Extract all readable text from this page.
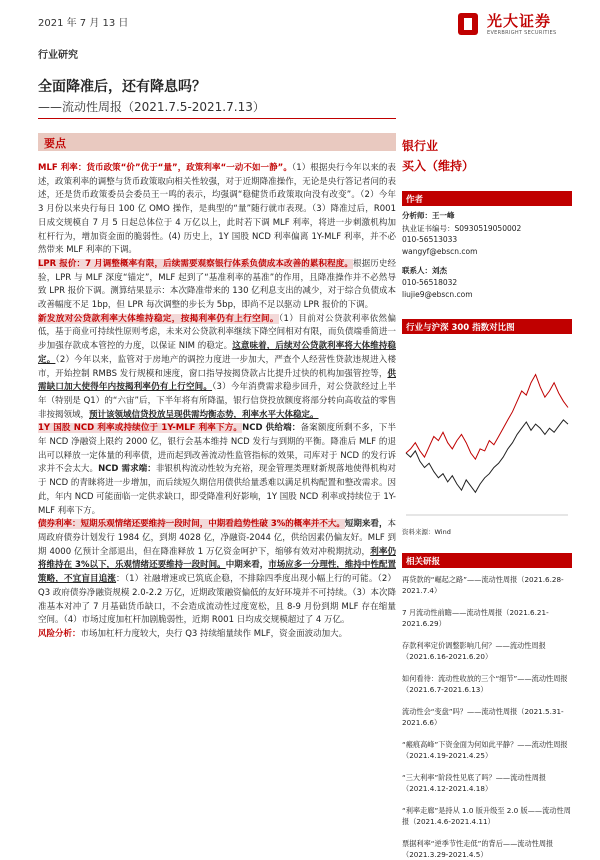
2021 年 7 月 13 日	光大证券
EVERBRIGHT SECURITIES
行业研究
全面降准后，还有降息吗？
——流动性周报（2021.7.5-2021.7.13）
要点

MLF 利率：货币政策“价”优于“量”，政策利率“一动不如一静”。（1）根据央行今年以来的表述，政策利率的调整与货币政策取向相关性较强，对于近期降准操作，无论是央行答记者问的表述，还是货币政策委员会委员王一鸣的表示，均强调“稳健货币政策取向没有改变”。（2）今年 3 月份以来央行每日 100 亿 OMO 操作，是典型的“量”随行就市表现。（3）降准过后，R001 日成交规模自 7 月 5 日起总体位于 4 万亿以上，此时若下调 MLF 利率，将进一步刺激机构加杠杆行为，增加资金面的脆弱性。(4) 历史上，1Y 国股 NCD 利率偏离 1Y-MLF 利率，并不必然带来 MLF 利率的下调。

LPR 报价：7 月调整概率有限，后续需要观察银行体系负债成本改善的累积程度。根据历史经验，LPR 与 MLF 深度“锚定”，MLF 起到了“基准利率的基准”的作用，且降准操作并不必然导致 LPR 报价下调。测算结果显示：本次降准带来的 130 亿利息支出的减少，对于综合负债成本改善幅度不足 1bp，但 LPR 每次调整的步长为 5bp，即尚不足以驱动 LPR 报价的下调。

新发放对公贷款利率大体维持稳定，按揭利率仍有上行空间。（1）目前对公贷款利率依然偏低，基于商业可持续性原则考虑，未来对公贷款利率继续下降空间相对有限，而负债端垂简进一步加强存款成本管控的力度，以保证 NIM 的稳定。这意味着，后续对公贷款利率将大体维持稳定。（2）今年以来，监管对于房地产的调控力度进一步加大，严查个人经营性贷款违规进入楼市，开始控制 RMBS 发行规模和速度，窗口指导按揭贷款占比提升过快的机构加强管控等，供需缺口加大使得年内按揭利率仍有上行空间。（3）今年消费需求稳步回升，对公贷款经过上半年（特别是 Q1）的“六宙”后，下半年将有所降温，银行信贷投放额度将部分转向高收益的零售非按揭领域，预计该领域信贷投放呈现供需均衡态势，利率水平大体稳定。

1Y 国股 NCD 利率或持续位于 1Y-MLF 利率下方。NCD 供给端：备案额度所剩不多，下半年 NCD 净融资上限约 2000 亿，银行会基本维持 NCD 发行与到期的平衡。降准后 MLF 的退出可以释放一定体量的利率债，进而起到改善流动性监管指标的效果，司库对于 NCD 的发行诉求并不会太大。NCD 需求端：非银机构流动性较为充裕，现金管理类理财新规落地使得机构对于 NCD 的青睐将进一步增加，而后续短久期信用债供给量悉难以满足机构配置和整改需求。因此，年内 NCD 可能面临一定供求缺口，即受降准利好影响，1Y 国股 NCD 利率或持续位于 1Y-MLF 利率下方。

债券利率：短期乐观情绪还要维持一段时间，中期看趋势性破 3%的概率并不大。短期来看，本周政府债券计划发行 1984 亿，到期 4028 亿，净融资-2044 亿，供给因素仍偏友好。MLF 到期 4000 亿预计全部退出，但在降准释放 1 万亿资金呵护下，缩够有效对冲税期扰动，利率仍将维持在 3%以下，乐观情绪还要维持一段时间。中期来看，市场应多一分理性，维持中性配置策略，不宜盲目追涨：（1）社融增速或已筑底企稳，不排除四季度出现小幅上行的可能。（2）Q3 政府债券净融资规模 2.0-2.2 万亿，近期政策融资偏低的友好环境并不可持续。（3）本次降准基本对冲了 7 月基础货币缺口，不会造成流动性过度宽松，且 8-9 月份到期 MLF 存在缩量空间。（4）市场过度加杠杆加剧脆弱性，近期 R001 日均成交规模超过了 4 万亿。

风险分析：市场加杠杆力度较大，央行 Q3 持续缩量续作 MLF，资金面波动加大。

银行业
买入（维持）
作者
分析师：王一峰
执业证书编号：S0930519050002
010-56513033
wangyf@ebscn.com
联系人：刘杰
010-56518032
liujie9@ebscn.com
行业与沪深 300 指数对比图
资料来源：Wind
相关研报
再贷款的“崛起之路”——流动性周报（2021.6.28-2021.7.4）
7 月流动性前瞻——流动性周报（2021.6.21-2021.6.29）
存款利率定价调整影响几何？——流动性周报（2021.6.16-2021.6.20）
如何看待：流动性收放的三个“细节”——流动性周报（2021.6.7-2021.6.13）
流动性会“变盘”吗？——流动性周报（2021.5.31-2021.6.6）
“瘢痕高峰”下资金面为何如此平静？——流动性周报（2021.4.19-2021.4.25）
“三大利率”阶段性见底了吗？——流动性周报（2021.4.12-2021.4.18）
“利率走廊”是持从 1.0 版升级至 2.0 版——流动性周报（2021.4.6-2021.4.11）
票据利率“逆季节性走低”的背后——流动性周报（2021.3.29-2021.4.5）
